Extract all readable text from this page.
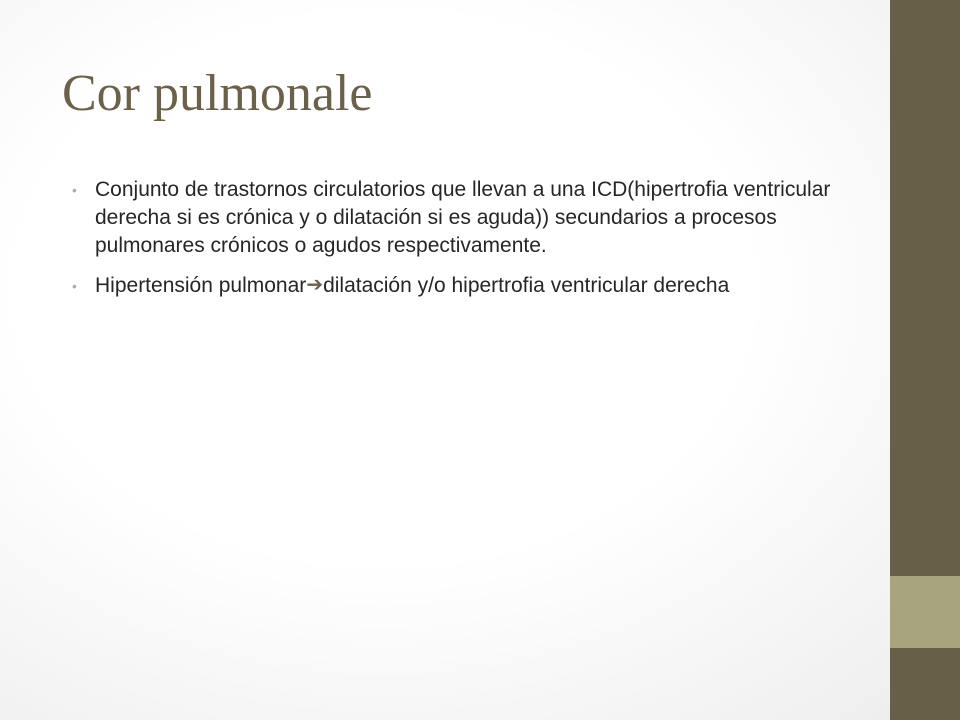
Cor pulmonale
• Conjunto de trastornos circulatorios que llevan a una ICD(hipertrofia ventricular derecha si es crónica y o dilatación si es aguda)) secundarios a procesos pulmonares crónicos o agudos respectivamente.
• Hipertensión pulmonar➔dilatación y/o hipertrofia ventricular derecha
